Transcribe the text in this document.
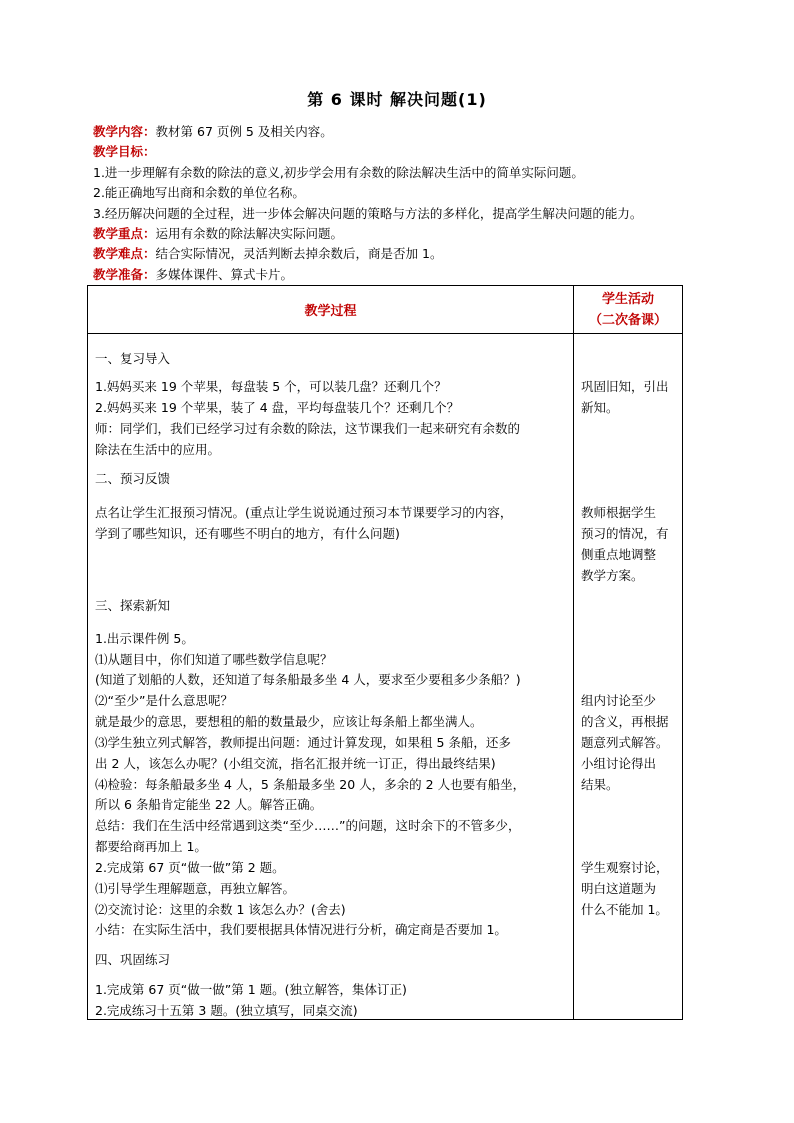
第 6 课时 解决问题(1)
教学内容：教材第 67 页例 5 及相关内容。
教学目标：
1.进一步理解有余数的除法的意义,初步学会用有余数的除法解决生活中的简单实际问题。
2.能正确地写出商和余数的单位名称。
3.经历解决问题的全过程，进一步体会解决问题的策略与方法的多样化，提高学生解决问题的能力。
教学重点：运用有余数的除法解决实际问题。
教学难点：结合实际情况，灵活判断去掉余数后，商是否加 1。
教学准备：多媒体课件、算式卡片。
教学过程
学生活动
（二次备课）
一、复习导入
1.妈妈买来 19 个苹果，每盘装 5 个，可以装几盘？还剩几个？
2.妈妈买来 19 个苹果，装了 4 盘，平均每盘装几个？还剩几个？
师：同学们，我们已经学习过有余数的除法，这节课我们一起来研究有余数的
除法在生活中的应用。
二、预习反馈
点名让学生汇报预习情况。(重点让学生说说通过预习本节课要学习的内容，
学到了哪些知识，还有哪些不明白的地方，有什么问题)
三、探索新知
1.出示课件例 5。
⑴从题目中，你们知道了哪些数学信息呢？
(知道了划船的人数，还知道了每条船最多坐 4 人，要求至少要租多少条船？)
⑵“至少”是什么意思呢？
就是最少的意思，要想租的船的数量最少，应该让每条船上都坐满人。
⑶学生独立列式解答，教师提出问题：通过计算发现，如果租 5 条船，还多
出 2 人，该怎么办呢？(小组交流，指名汇报并统一订正，得出最终结果)
⑷检验：每条船最多坐 4 人，5 条船最多坐 20 人，多余的 2 人也要有船坐，
所以 6 条船肯定能坐 22 人。解答正确。
总结：我们在生活中经常遇到这类“至少……”的问题，这时余下的不管多少，
都要给商再加上 1。
2.完成第 67 页“做一做”第 2 题。
⑴引导学生理解题意，再独立解答。
⑵交流讨论：这里的余数 1 该怎么办？(舍去)
小结：在实际生活中，我们要根据具体情况进行分析，确定商是否要加 1。
四、巩固练习
1.完成第 67 页“做一做”第 1 题。(独立解答，集体订正)
2.完成练习十五第 3 题。(独立填写，同桌交流)
巩固旧知，引出
新知。
教师根据学生
预习的情况，有
侧重点地调整
教学方案。
组内讨论至少
的含义，再根据
题意列式解答。
小组讨论得出
结果。
学生观察讨论，
明白这道题为
什么不能加 1。
